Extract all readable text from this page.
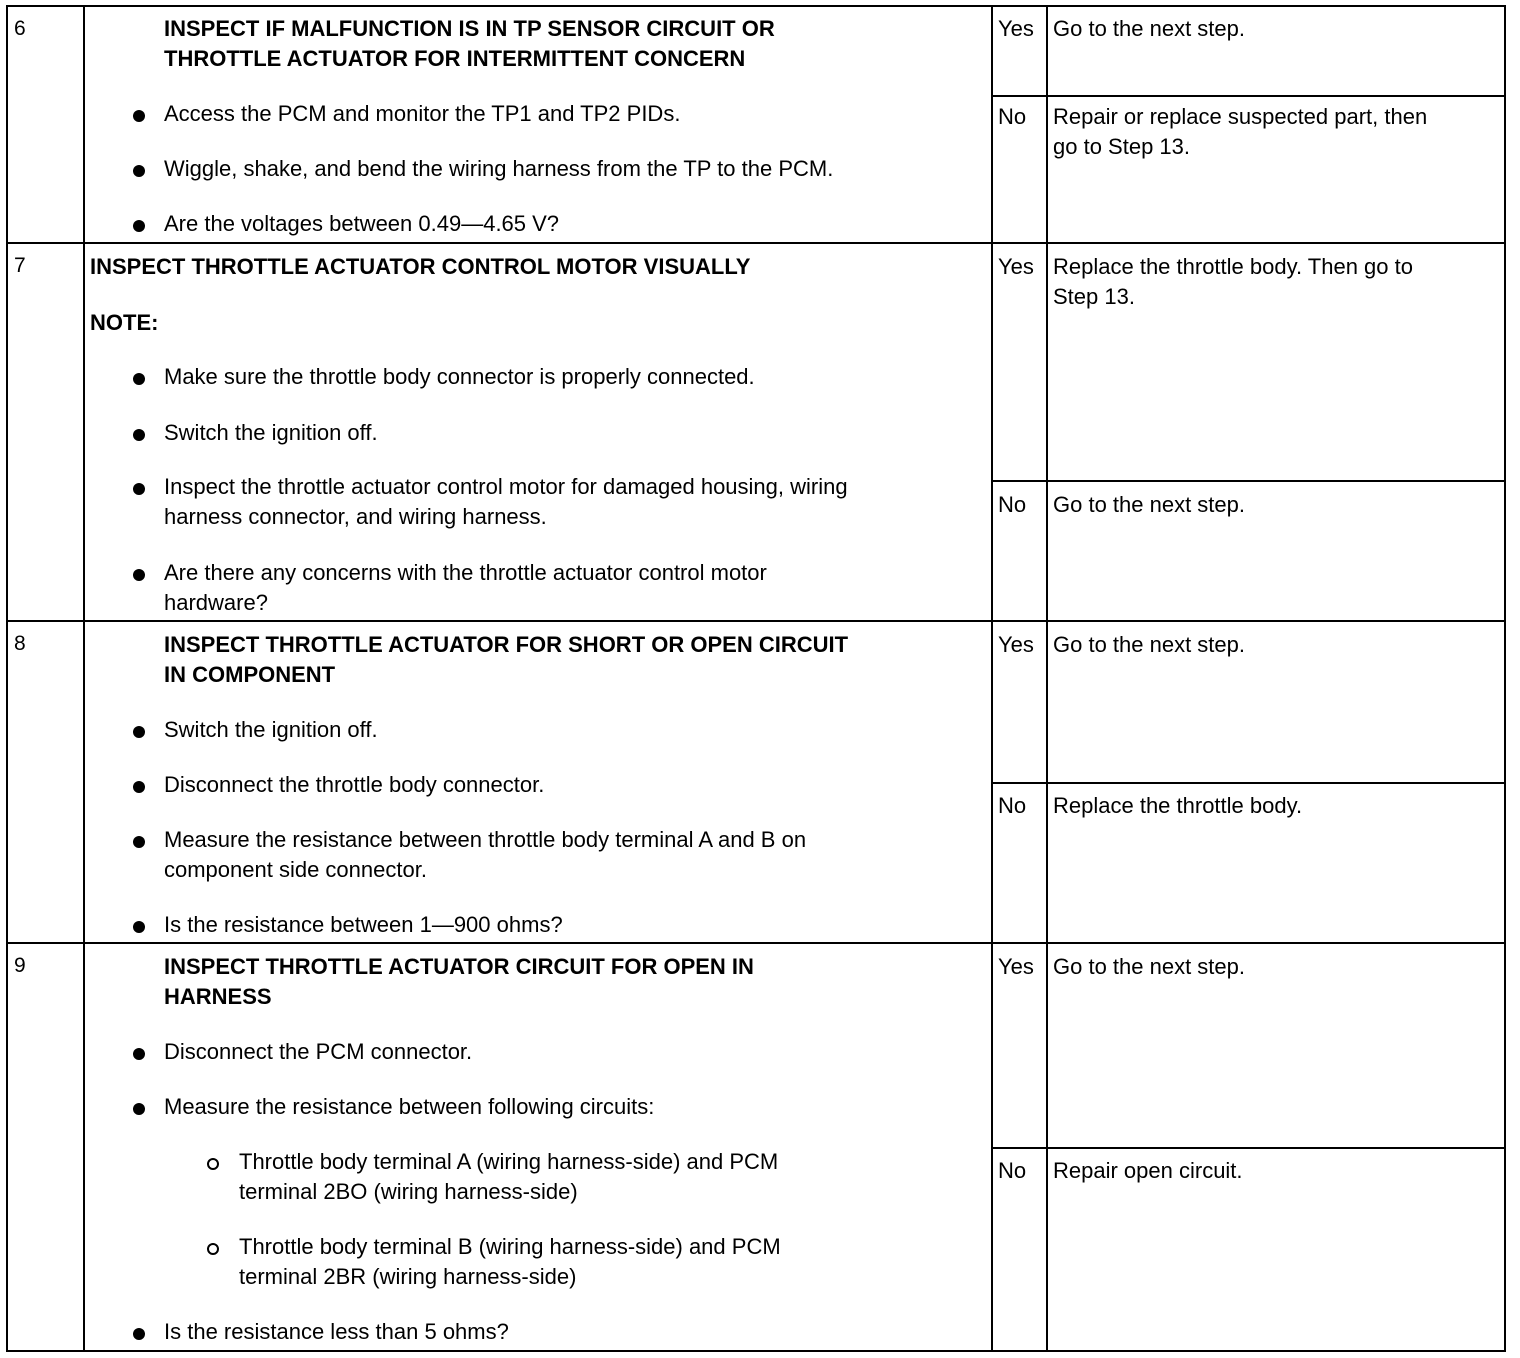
6	INSPECT IF MALFUNCTION IS IN TP SENSOR CIRCUIT OR
THROTTLE ACTUATOR FOR INTERMITTENT CONCERN
Access the PCM and monitor the TP1 and TP2 PIDs.
Wiggle, shake, and bend the wiring harness from the TP to the PCM.
Are the voltages between 0.49—4.65 V?
Yes Go to the next step.
No Repair or replace suspected part, then
go to Step 13.
7	INSPECT THROTTLE ACTUATOR CONTROL MOTOR VISUALLY
NOTE:
Make sure the throttle body connector is properly connected.
Switch the ignition off.
Inspect the throttle actuator control motor for damaged housing, wiring
harness connector, and wiring harness.
Are there any concerns with the throttle actuator control motor
hardware?
Yes Replace the throttle body. Then go to
Step 13.
No Go to the next step.
8	INSPECT THROTTLE ACTUATOR FOR SHORT OR OPEN CIRCUIT
IN COMPONENT
Switch the ignition off.
Disconnect the throttle body connector.
Measure the resistance between throttle body terminal A and B on
component side connector.
Is the resistance between 1—900 ohms?
Yes Go to the next step.
No Replace the throttle body.
9	INSPECT THROTTLE ACTUATOR CIRCUIT FOR OPEN IN
HARNESS
Disconnect the PCM connector.
Measure the resistance between following circuits:
Throttle body terminal A (wiring harness-side) and PCM
terminal 2BO (wiring harness-side)
Throttle body terminal B (wiring harness-side) and PCM
terminal 2BR (wiring harness-side)
Is the resistance less than 5 ohms?
Yes Go to the next step.
No Repair open circuit.
